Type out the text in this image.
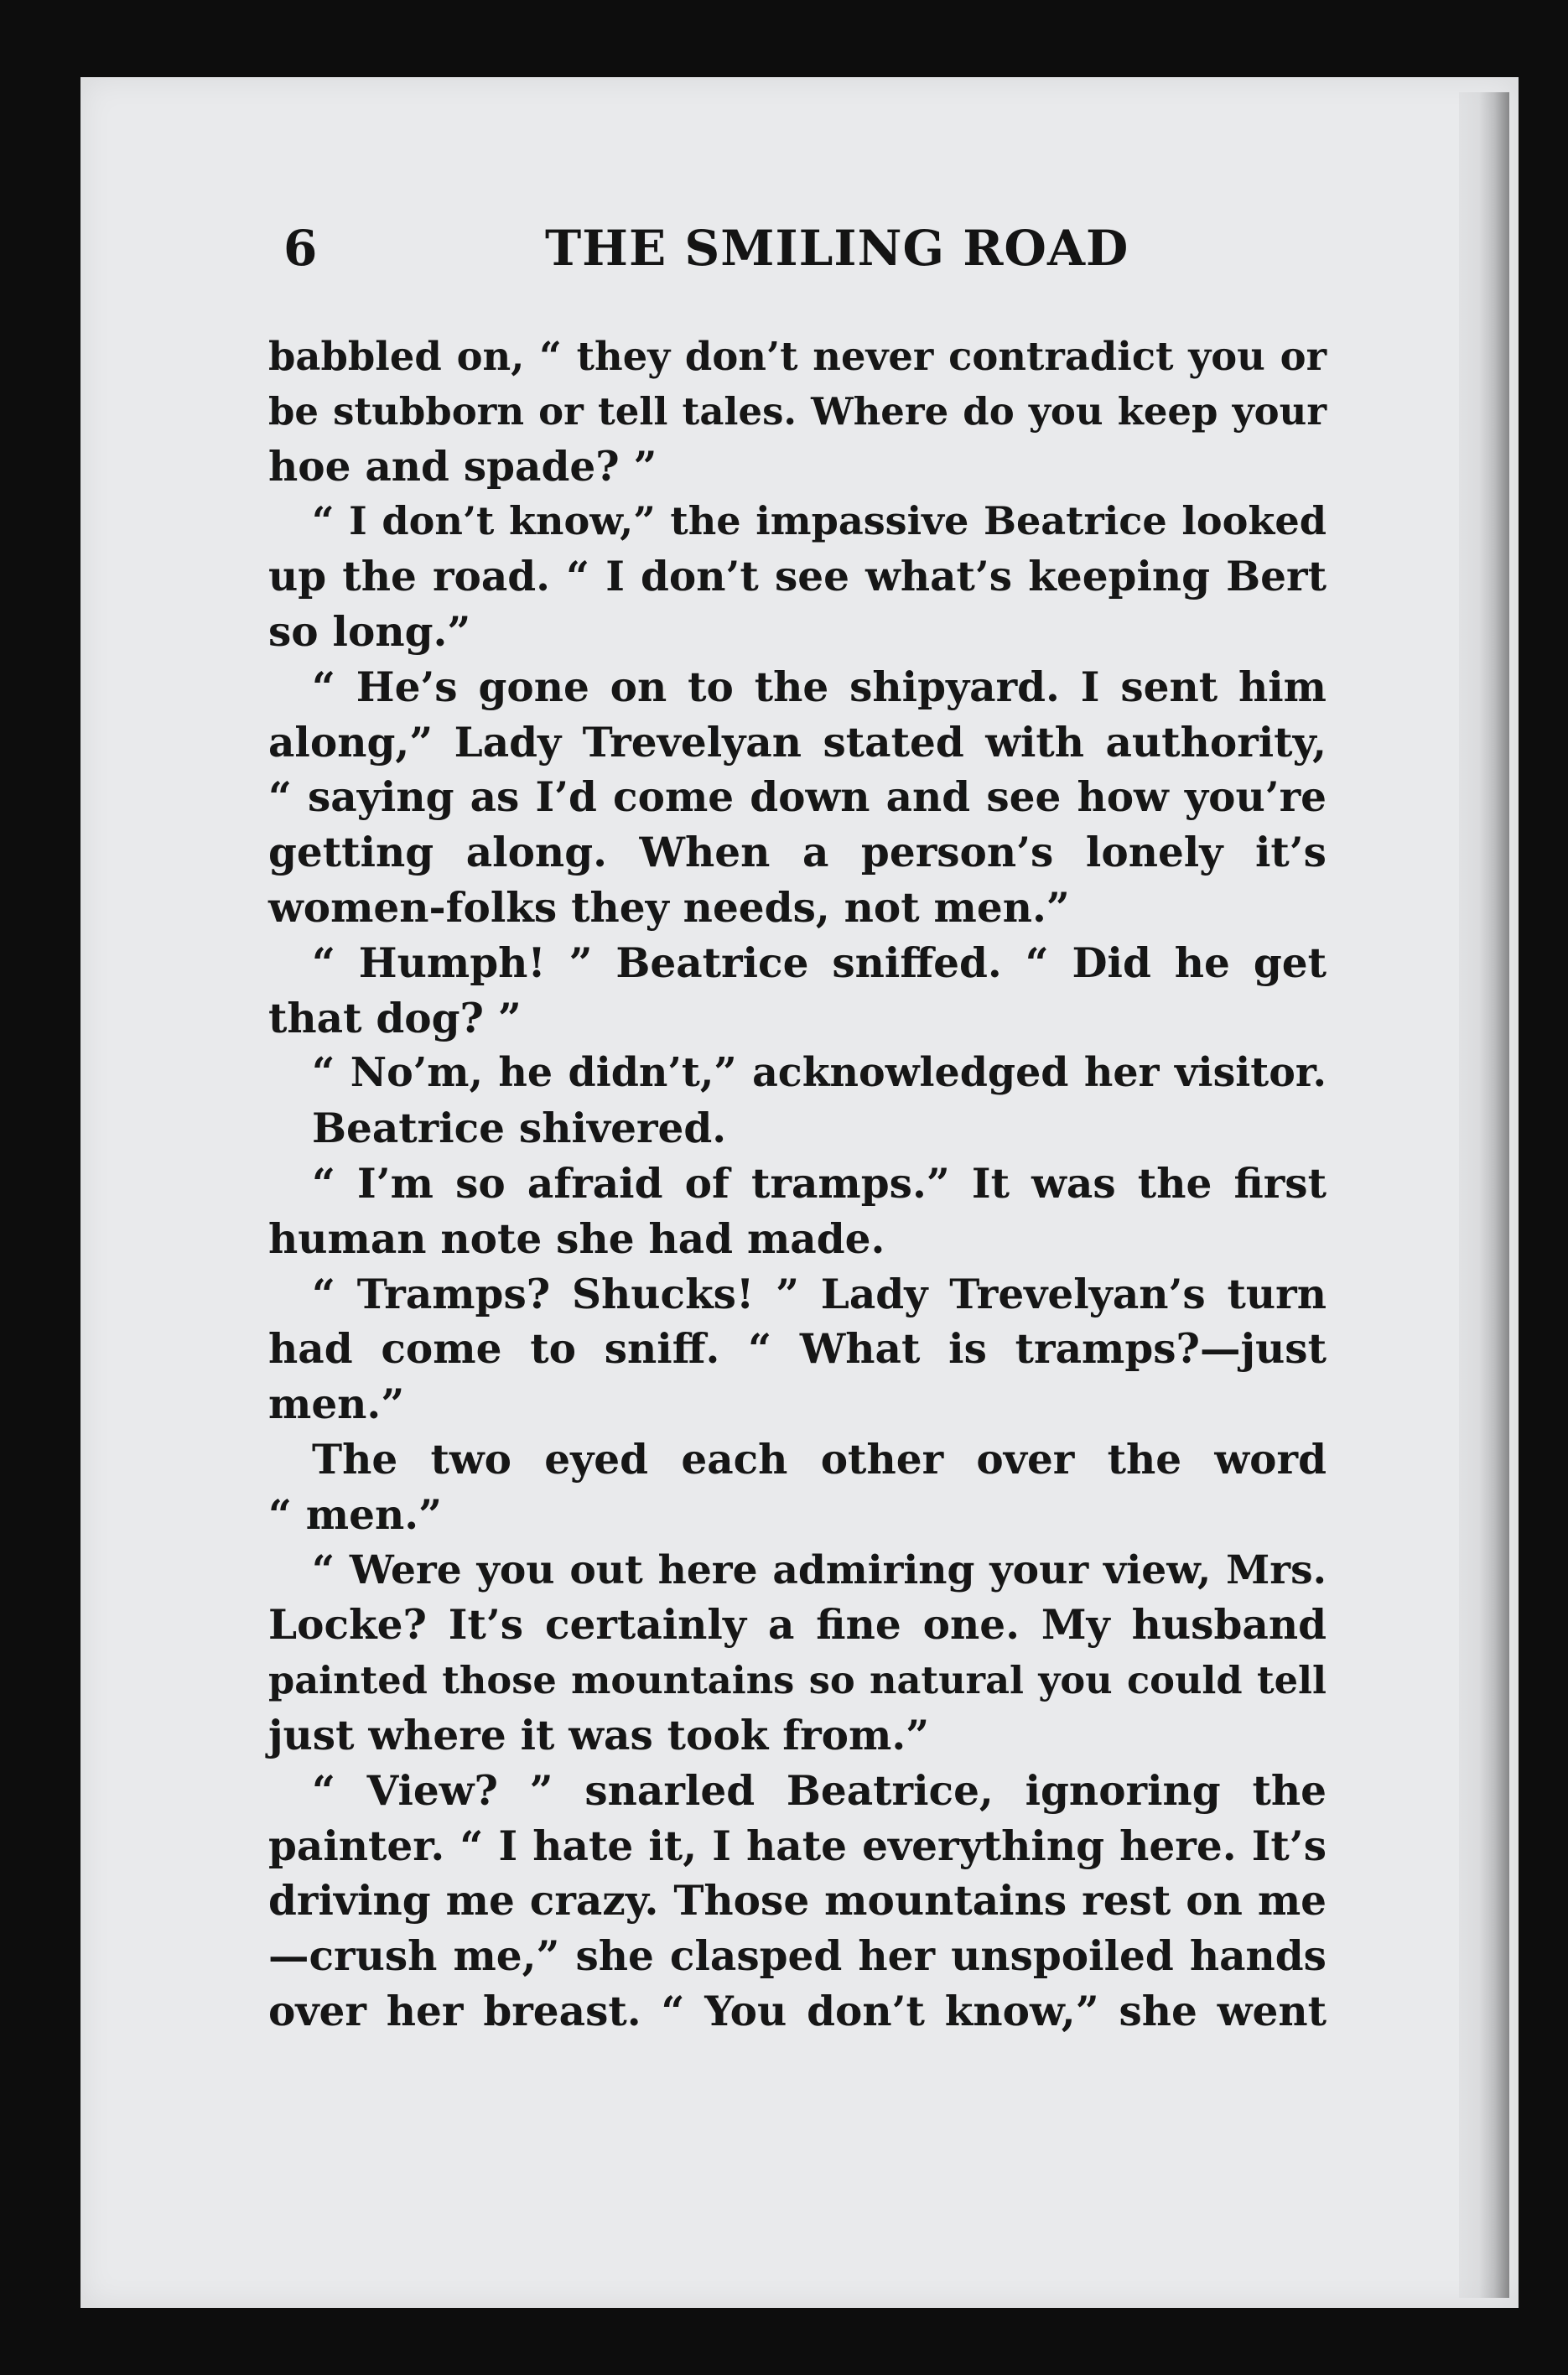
6	THE SMILING ROAD
babbled on, “ they don’t never contradict you or
be stubborn or tell tales. Where do you keep your
hoe and spade? ”
“ I don’t know,” the impassive Beatrice looked
up the road. “ I don’t see what’s keeping Bert
so long.”
“ He’s gone on to the shipyard. I sent him
along,” Lady Trevelyan stated with authority,
“ saying as I’d come down and see how you’re
getting along. When a person’s lonely it’s
women-folks they needs, not men.”
“ Humph! ” Beatrice sniffed. “ Did he get
that dog? ”
“ No’m, he didn’t,” acknowledged her visitor.
Beatrice shivered.
“ I’m so afraid of tramps.” It was the first
human note she had made.
“ Tramps? Shucks! ” Lady Trevelyan’s turn
had come to sniff. “ What is tramps?—just
men.”
The two eyed each other over the word
“ men.”
“ Were you out here admiring your view, Mrs.
Locke? It’s certainly a fine one. My husband
painted those mountains so natural you could tell
just where it was took from.”
“ View? ” snarled Beatrice, ignoring the
painter. “ I hate it, I hate everything here. It’s
driving me crazy. Those mountains rest on me
—crush me,” she clasped her unspoiled hands
over her breast. “ You don’t know,” she went
